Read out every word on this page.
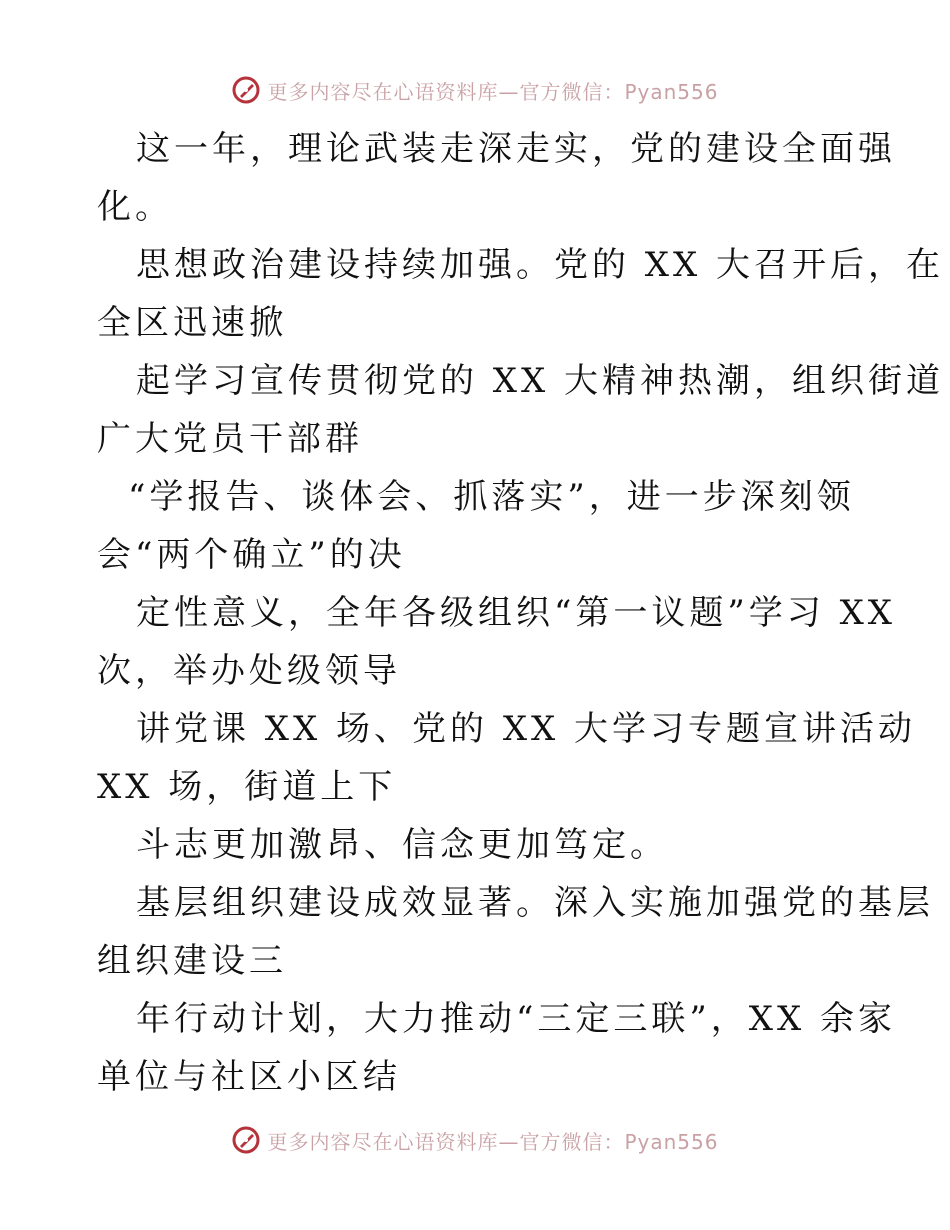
更多内容尽在心语资料库—官方微信：Pyan556
这一年，理论武装走深走实，党的建设全面强
化。
思想政治建设持续加强。党的 XX 大召开后，在
全区迅速掀
起学习宣传贯彻党的 XX 大精神热潮，组织街道
广大党员干部群
“学报告、谈体会、抓落实”，进一步深刻领
会“两个确立”的决
定性意义，全年各级组织“第一议题”学习 XX
次，举办处级领导
讲党课 XX 场、党的 XX 大学习专题宣讲活动
XX 场，街道上下
斗志更加激昂、信念更加笃定。
基层组织建设成效显著。深入实施加强党的基层
组织建设三
年行动计划，大力推动“三定三联”，XX 余家
单位与社区小区结
更多内容尽在心语资料库—官方微信：Pyan556
